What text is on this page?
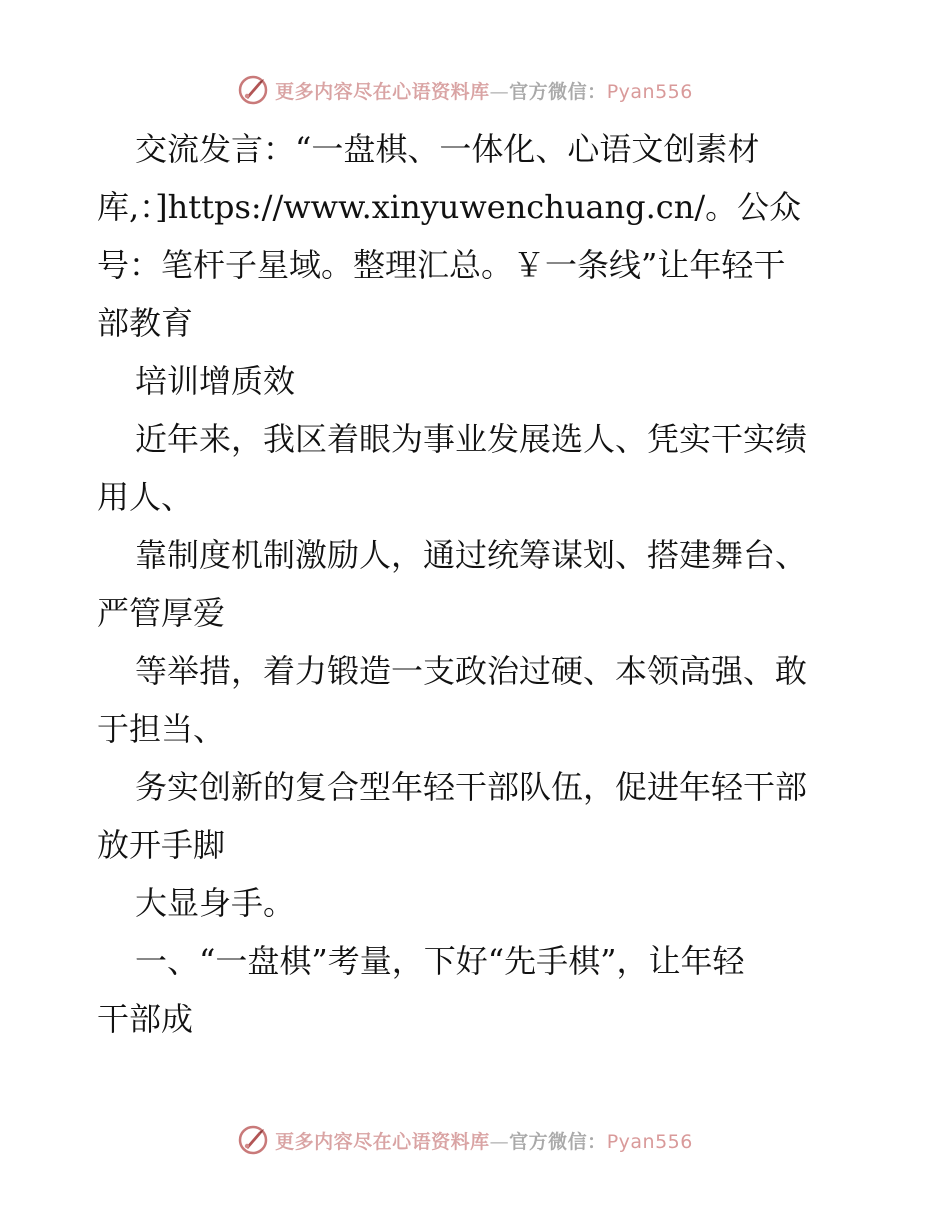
更多内容尽在心语资料库—官方微信：Pyan556
交流发言：“一盘棋、一体化、心语文创素材
库,：]https://www.xinyuwenchuang.cn/。公众
号：笔杆子星域。整理汇总。￥一条线”让年轻干
部教育
培训增质效
近年来，我区着眼为事业发展选人、凭实干实绩
用人、
靠制度机制激励人，通过统筹谋划、搭建舞台、
严管厚爱
等举措，着力锻造一支政治过硬、本领高强、敢
于担当、
务实创新的复合型年轻干部队伍，促进年轻干部
放开手脚
大显身手。
一、“一盘棋”考量，下好“先手棋”，让年轻
干部成
更多内容尽在心语资料库—官方微信：Pyan556
